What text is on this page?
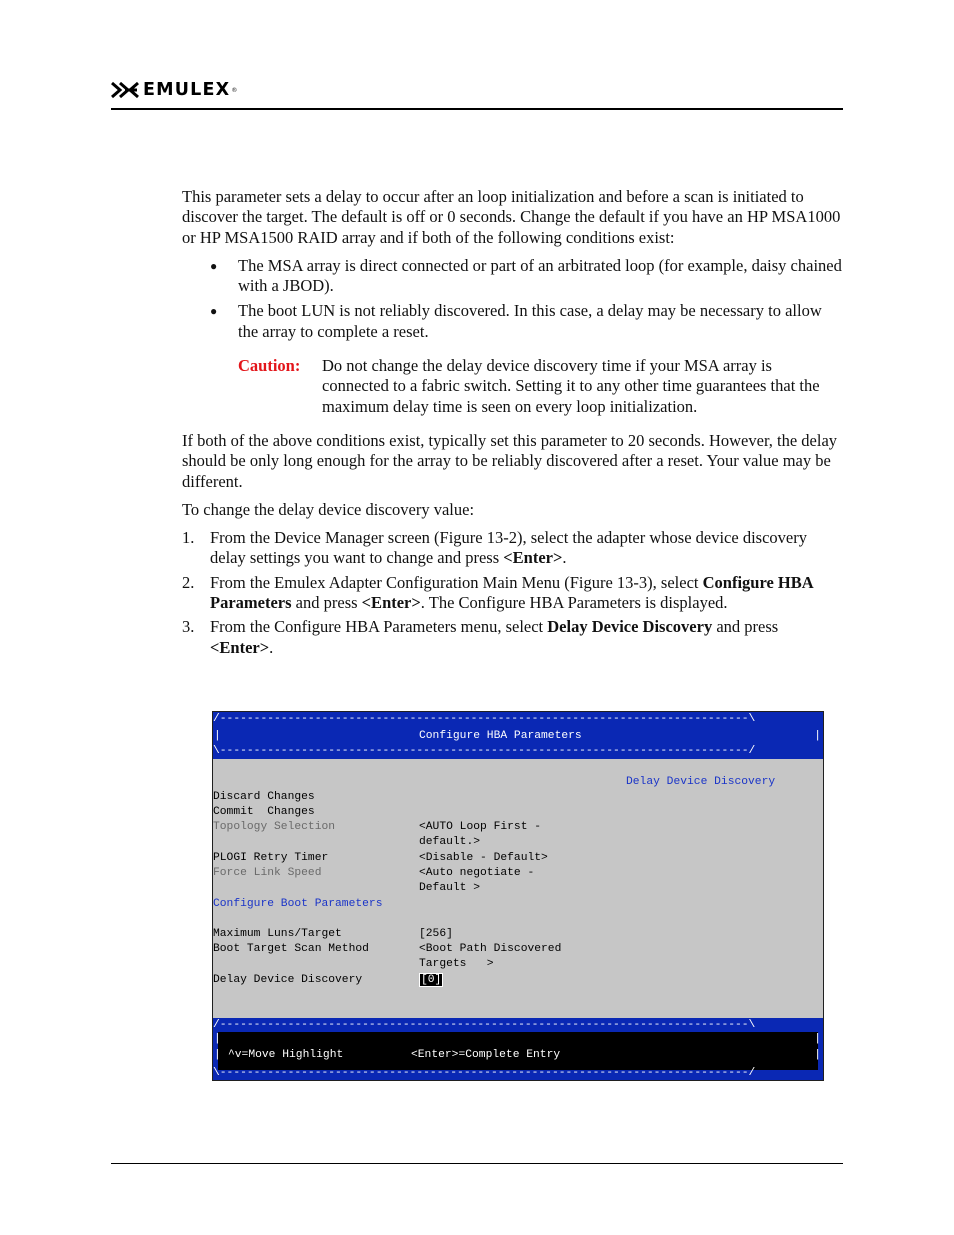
EMULEX ®

This parameter sets a delay to occur after an loop initialization and before a scan is initiated to discover the target. The default is off or 0 seconds. Change the default if you have an HP MSA1000 or HP MSA1500 RAID array and if both of the following conditions exist:

● The MSA array is direct connected or part of an arbitrated loop (for example, daisy chained with a JBOD).
● The boot LUN is not reliably discovered. In this case, a delay may be necessary to allow the array to complete a reset.
Caution:	Do not change the delay device discovery time if your MSA array is connected to a fabric switch. Setting it to any other time guarantees that the maximum delay time is seen on every loop initialization.

If both of the above conditions exist, typically set this parameter to 20 seconds. However, the delay should be only long enough for the array to be reliably discovered after a reset. Your value may be different.

To change the delay device discovery value:

1. From the Device Manager screen (Figure 13-2), select the adapter whose device discovery delay settings you want to change and press <Enter>.
2. From the Emulex Adapter Configuration Main Menu (Figure 13-3), select Configure HBA Parameters and press <Enter>. The Configure HBA Parameters is displayed.
3. From the Configure HBA Parameters menu, select Delay Device Discovery and press <Enter>.
/------------------------------------------------------------------------------\
|	Configure HBA Parameters	|
\------------------------------------------------------------------------------/
Delay Device Discovery
Discard Changes
Commit  Changes
Topology Selection	<AUTO Loop First -
default.>
PLOGI Retry Timer	<Disable - Default>
Force Link Speed	<Auto negotiate -
Default >
Configure Boot Parameters
Maximum Luns/Target	[256]
Boot Target Scan Method	<Boot Path Discovered
Targets   >
Delay Device Discovery	[0]
/------------------------------------------------------------------------------\
|	|
| ^v=Move Highlight	<Enter>=Complete Entry	|
\------------------------------------------------------------------------------/
